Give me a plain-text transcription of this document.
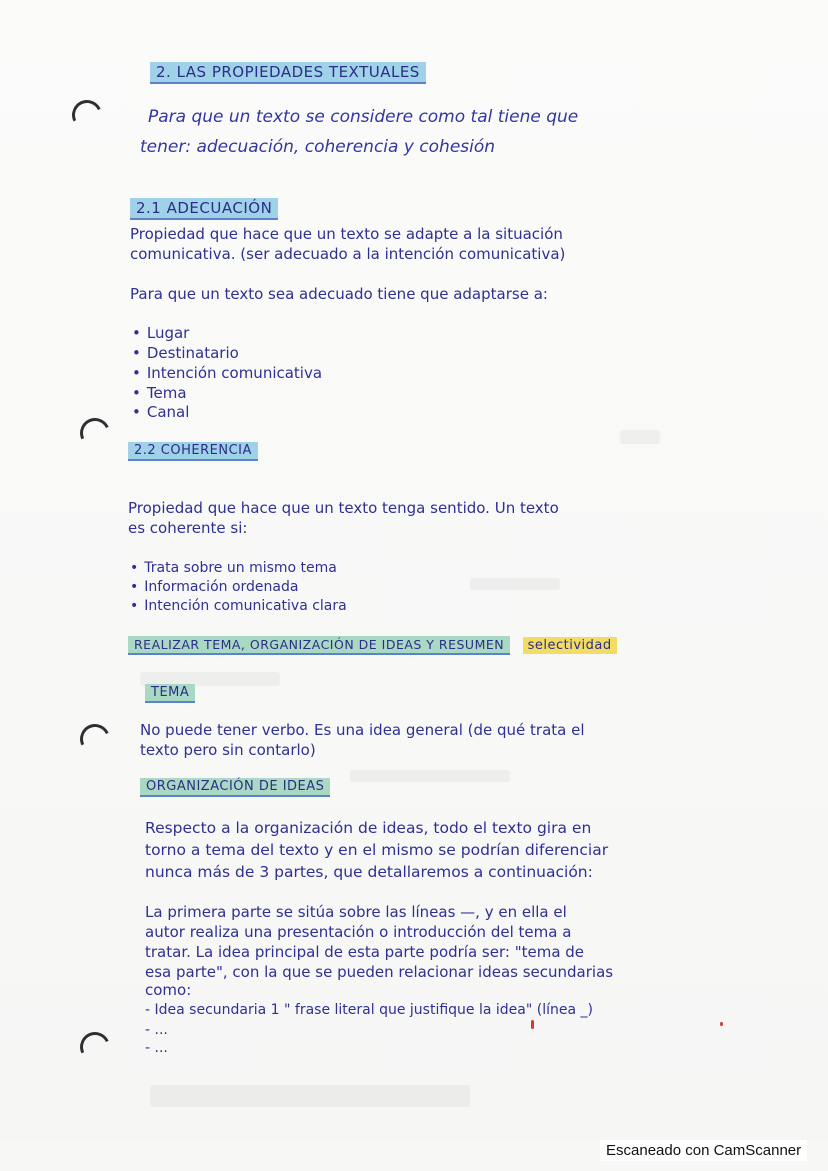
2. LAS PROPIEDADES TEXTUALES
Para que un texto se considere como tal tiene que
tener: adecuación, coherencia y cohesión
2.1 ADECUACIÓN
Propiedad que hace que un texto se adapte a la situación
comunicativa. (ser adecuado a la intención comunicativa)
Para que un texto sea adecuado tiene que adaptarse a:
• Lugar
• Destinatario
• Intención comunicativa
• Tema
• Canal
2.2 COHERENCIA
Propiedad que hace que un texto tenga sentido. Un texto
es coherente si:
• Trata sobre un mismo tema
• Información ordenada
• Intención comunicativa clara
REALIZAR TEMA, ORGANIZACIÓN DE IDEAS Y RESUMEN selectividad
TEMA
No puede tener verbo. Es una idea general (de qué trata el
texto pero sin contarlo)
ORGANIZACIÓN DE IDEAS
Respecto a la organización de ideas, todo el texto gira en
torno a tema del texto y en el mismo se podrían diferenciar
nunca más de 3 partes, que detallaremos a continuación:
La primera parte se sitúa sobre las líneas —, y en ella el
autor realiza una presentación o introducción del tema a
tratar. La idea principal de esta parte podría ser: "tema de
esa parte", con la que se pueden relacionar ideas secundarias
como:
- Idea secundaria 1 " frase literal que justifique la idea" (línea _)
- ...
- ...
Escaneado con CamScanner
